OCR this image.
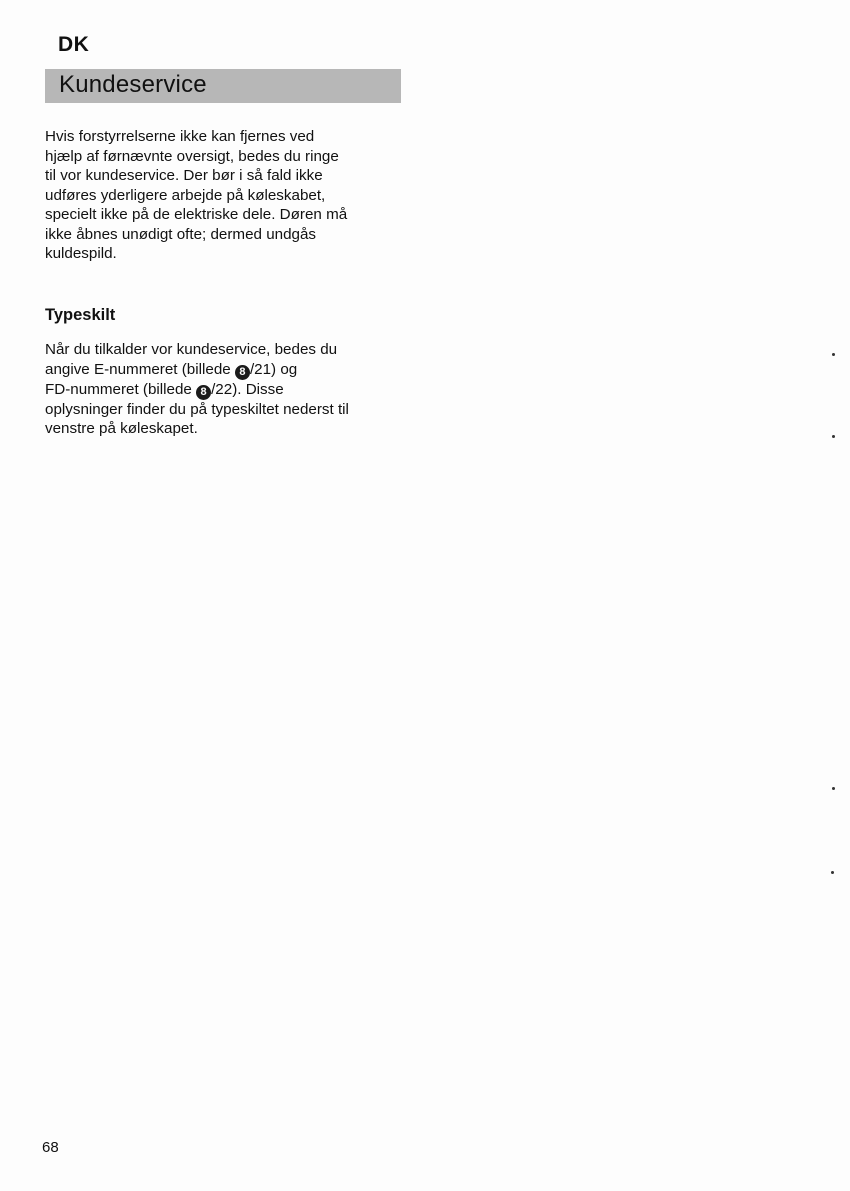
DK
Kundeservice
Hvis forstyrrelserne ikke kan fjernes ved
hjælp af førnævnte oversigt, bedes du ringe
til vor kundeservice. Der bør i så fald ikke
udføres yderligere arbejde på køleskabet,
specielt ikke på de elektriske dele. Døren må
ikke åbnes unødigt ofte; dermed undgås
kuldespild.
Typeskilt
Når du tilkalder vor kundeservice, bedes du
angive E-nummeret (billede 8 /21) og
FD-nummeret (billede 8 /22). Disse
oplysninger finder du på typeskiltet nederst til
venstre på køleskapet.
68
